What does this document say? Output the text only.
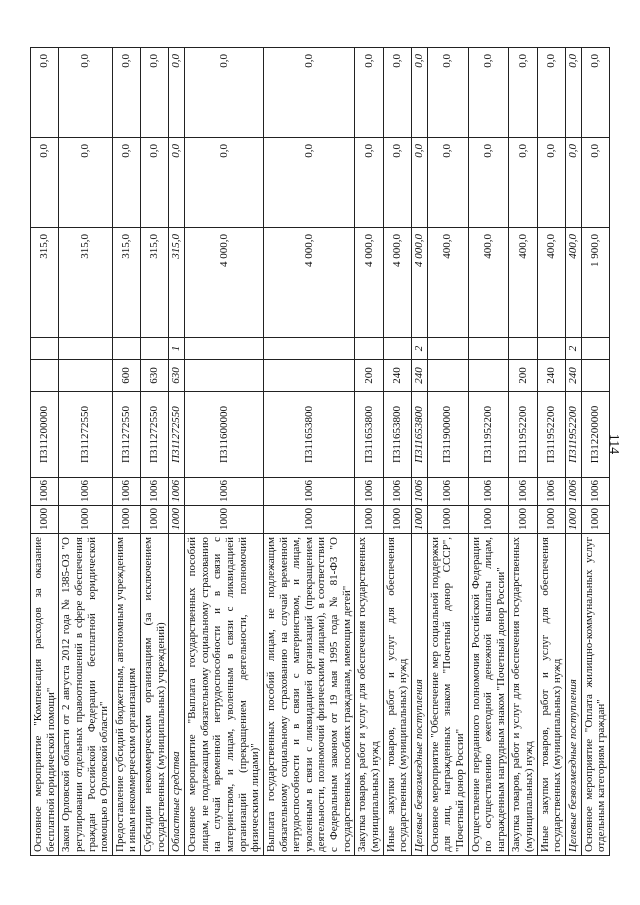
114
Основное мероприятие "Компенсация расходов за оказание бесплатной юридической помощи"	1000	1006	П311200000			315,0	0,0	0,0
Закон Орловской области от 2 августа 2012 года № 1385-ОЗ "О регулировании отдельных правоотношений в сфере обеспечения граждан Российской Федерации бесплатной юридической помощью в Орловской области"	1000	1006	П311272550			315,0	0,0	0,0
Предоставление субсидий бюджетным, автономным учреждениям и иным некоммерческим организациям	1000	1006	П311272550	600		315,0	0,0	0,0
Субсидии некоммерческим организациям (за исключением государственных (муниципальных) учреждений)	1000	1006	П311272550	630		315,0	0,0	0,0
Областные средства	1000	1006	П311272550	630	1	315,0	0,0	0,0
Основное мероприятие "Выплата государственных пособий лицам, не подлежащим обязательному социальному страхованию на случай временной нетрудоспособности и в связи с материнством, и лицам, уволенным в связи с ликвидацией организаций (прекращением деятельности, полномочий физическими лицами)"	1000	1006	П311600000			4 000,0	0,0	0,0
Выплата государственных пособий лицам, не подлежащим обязательному социальному страхованию на случай временной нетрудоспособности и в связи с материнством, и лицам, уволенным в связи с ликвидацией организаций (прекращением деятельности, полномочий физическими лицами), в соответствии с Федеральным законом от 19 мая 1995 года № 81-ФЗ "О государственных пособиях гражданам, имеющим детей"	1000	1006	П311653800			4 000,0	0,0	0,0
Закупка товаров, работ и услуг для обеспечения государственных (муниципальных) нужд	1000	1006	П311653800	200		4 000,0	0,0	0,0
Иные закупки товаров, работ и услуг для обеспечения государственных (муниципальных) нужд	1000	1006	П311653800	240		4 000,0	0,0	0,0
Целевые безвозмездные поступления	1000	1006	П311653800	240	2	4 000,0	0,0	0,0
Основное мероприятие "Обеспечение мер социальной поддержки для лиц, награжденных знаком "Почетный донор СССР", "Почетный донор России"	1000	1006	П311900000			400,0	0,0	0,0
Осуществление переданного полномочия Российской Федерации по осуществлению ежегодной денежной выплаты лицам, награжденным нагрудным знаком "Почетный донор России"	1000	1006	П311952200			400,0	0,0	0,0
Закупка товаров, работ и услуг для обеспечения государственных (муниципальных) нужд	1000	1006	П311952200	200		400,0	0,0	0,0
Иные закупки товаров, работ и услуг для обеспечения государственных (муниципальных) нужд	1000	1006	П311952200	240		400,0	0,0	0,0
Целевые безвозмездные поступления	1000	1006	П311952200	240	2	400,0	0,0	0,0
Основное мероприятие "Оплата жилищно-коммунальных услуг отдельным категориям граждан"	1000	1006	П312200000			1 900,0	0,0	0,0
